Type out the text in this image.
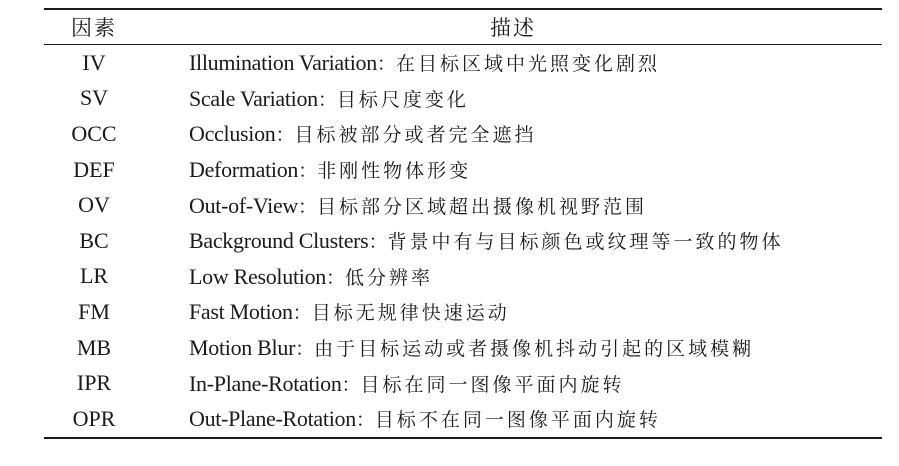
因素	描述
IV	Illumination Variation：在目标区域中光照变化剧烈
SV	Scale Variation：目标尺度变化
OCC	Occlusion：目标被部分或者完全遮挡
DEF	Deformation：非刚性物体形变
OV	Out-of-View：目标部分区域超出摄像机视野范围
BC	Background Clusters：背景中有与目标颜色或纹理等一致的物体
LR	Low Resolution：低分辨率
FM	Fast Motion：目标无规律快速运动
MB	Motion Blur：由于目标运动或者摄像机抖动引起的区域模糊
IPR	In-Plane-Rotation：目标在同一图像平面内旋转
OPR	Out-Plane-Rotation：目标不在同一图像平面内旋转
